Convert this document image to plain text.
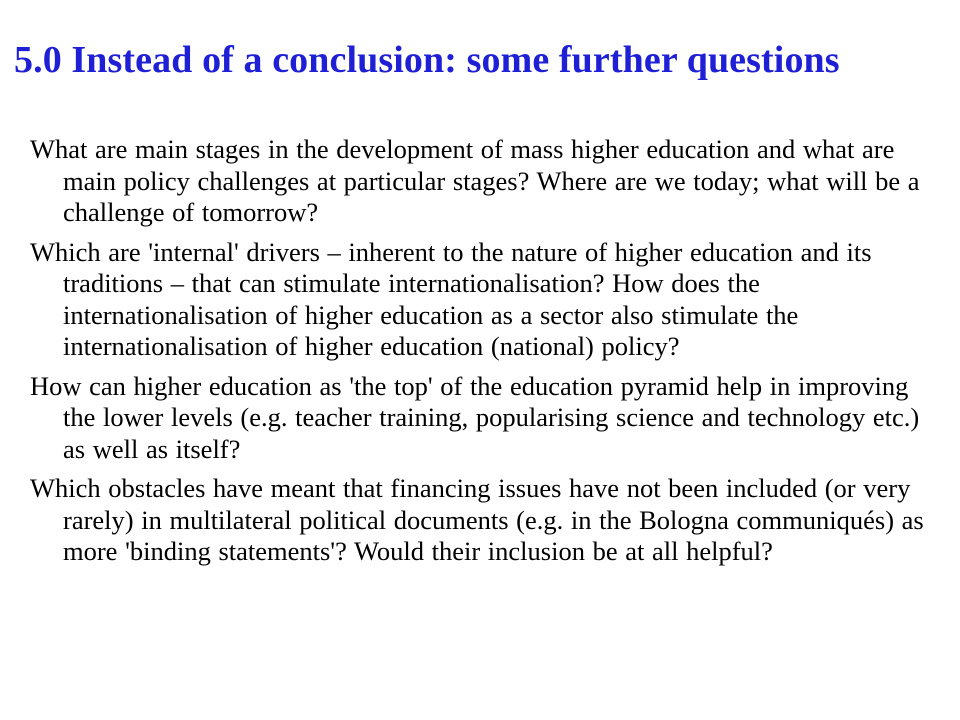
5.0 Instead of a conclusion: some further questions
What are main stages in the development of mass higher education and what are main policy challenges at particular stages? Where are we today; what will be a challenge of tomorrow?
Which are 'internal' drivers – inherent to the nature of higher education and its traditions – that can stimulate internationalisation? How does the internationalisation of higher education as a sector also stimulate the internationalisation of higher education (national) policy?
How can higher education as 'the top' of the education pyramid help in improving the lower levels (e.g. teacher training, popularising science and technology etc.) as well as itself?
Which obstacles have meant that financing issues have not been included (or very rarely) in multilateral political documents (e.g. in the Bologna communiqués) as more 'binding statements'? Would their inclusion be at all helpful?
